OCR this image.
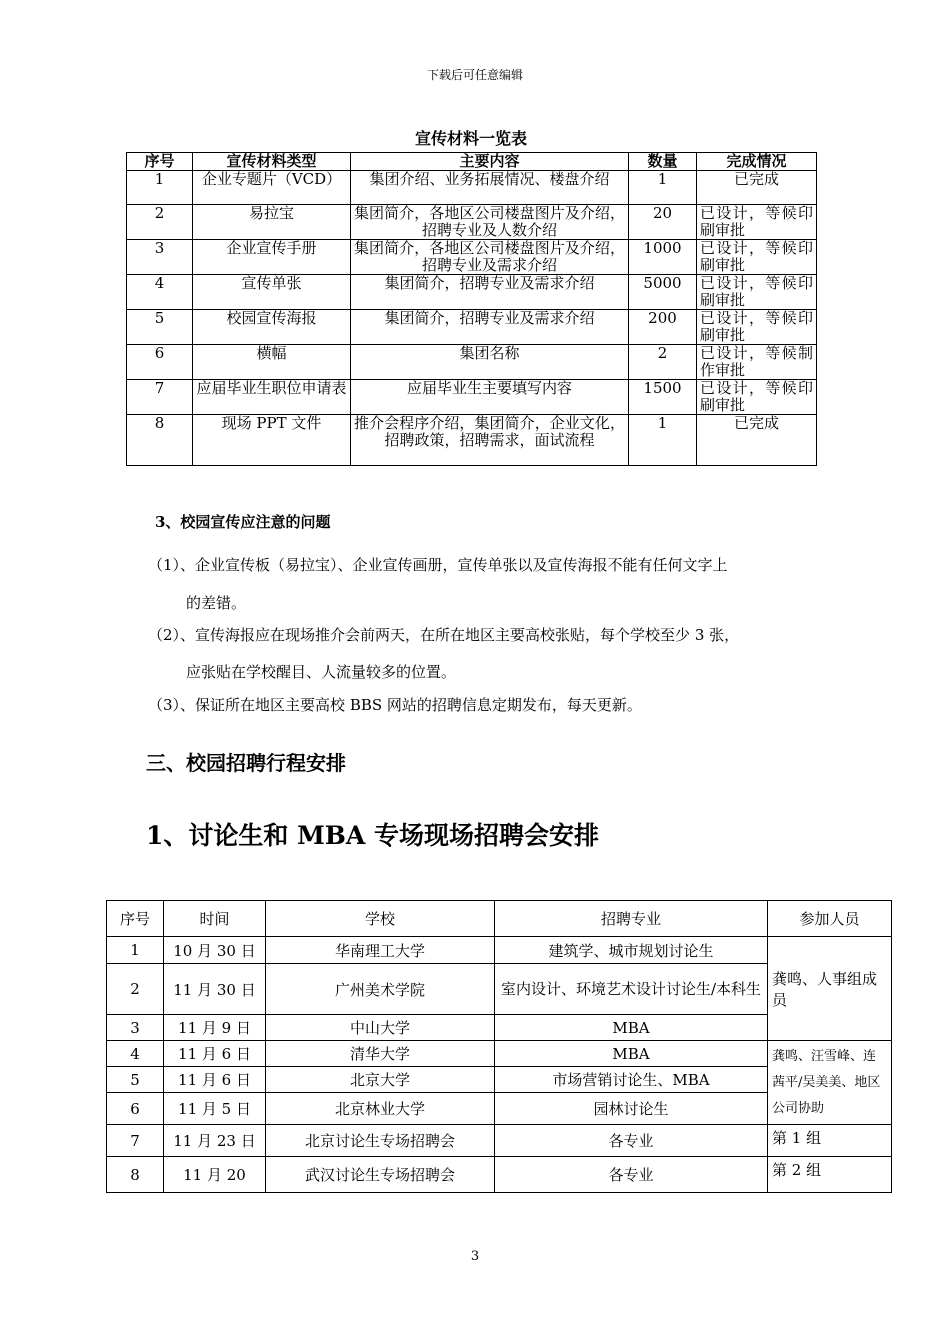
下载后可任意编辑
宣传材料一览表
序号	宣传材料类型	主要内容	数量	完成情况
1	企业专题片（VCD）	集团介绍、业务拓展情况、楼盘介绍	1	已完成
2	易拉宝	集团简介，各地区公司楼盘图片及介绍，招聘专业及人数介绍	20	已设计，等候印刷审批
3	企业宣传手册	集团简介，各地区公司楼盘图片及介绍，招聘专业及需求介绍	1000	已设计，等候印刷审批
4	宣传单张	集团简介，招聘专业及需求介绍	5000	已设计，等候印刷审批
5	校园宣传海报	集团简介，招聘专业及需求介绍	200	已设计，等候印刷审批
6	横幅	集团名称	2	已设计，等候制作审批
7	应届毕业生职位申请表	应届毕业生主要填写内容	1500	已设计，等候印刷审批
8	现场 PPT 文件	推介会程序介绍，集团简介，企业文化，招聘政策，招聘需求，面试流程	1	已完成
3、校园宣传应注意的问题
（1）、企业宣传板（易拉宝）、企业宣传画册，宣传单张以及宣传海报不能有任何文字上
的差错。
（2）、宣传海报应在现场推介会前两天，在所在地区主要高校张贴，每个学校至少 3 张，
应张贴在学校醒目、人流量较多的位置。
（3）、保证所在地区主要高校 BBS 网站的招聘信息定期发布，每天更新。
三、校园招聘行程安排
1、讨论生和 MBA 专场现场招聘会安排
序号	时间	学校	招聘专业	参加人员
1	10 月 30 日	华南理工大学	建筑学、城市规划讨论生	龚鸣、人事组成员
2	11 月 30 日	广州美术学院	室内设计、环境艺术设计讨论生/本科生	
3	11 月 9 日	中山大学	MBA	
4	11 月 6 日	清华大学	MBA	龚鸣、汪雪峰、连茜平/吴美美、地区公司协助
5	11 月 6 日	北京大学	市场营销讨论生、MBA	
6	11 月 5 日	北京林业大学	园林讨论生	
7	11 月 23 日	北京讨论生专场招聘会	各专业	第 1 组
8	11 月 20	武汉讨论生专场招聘会	各专业	第 2 组
3
